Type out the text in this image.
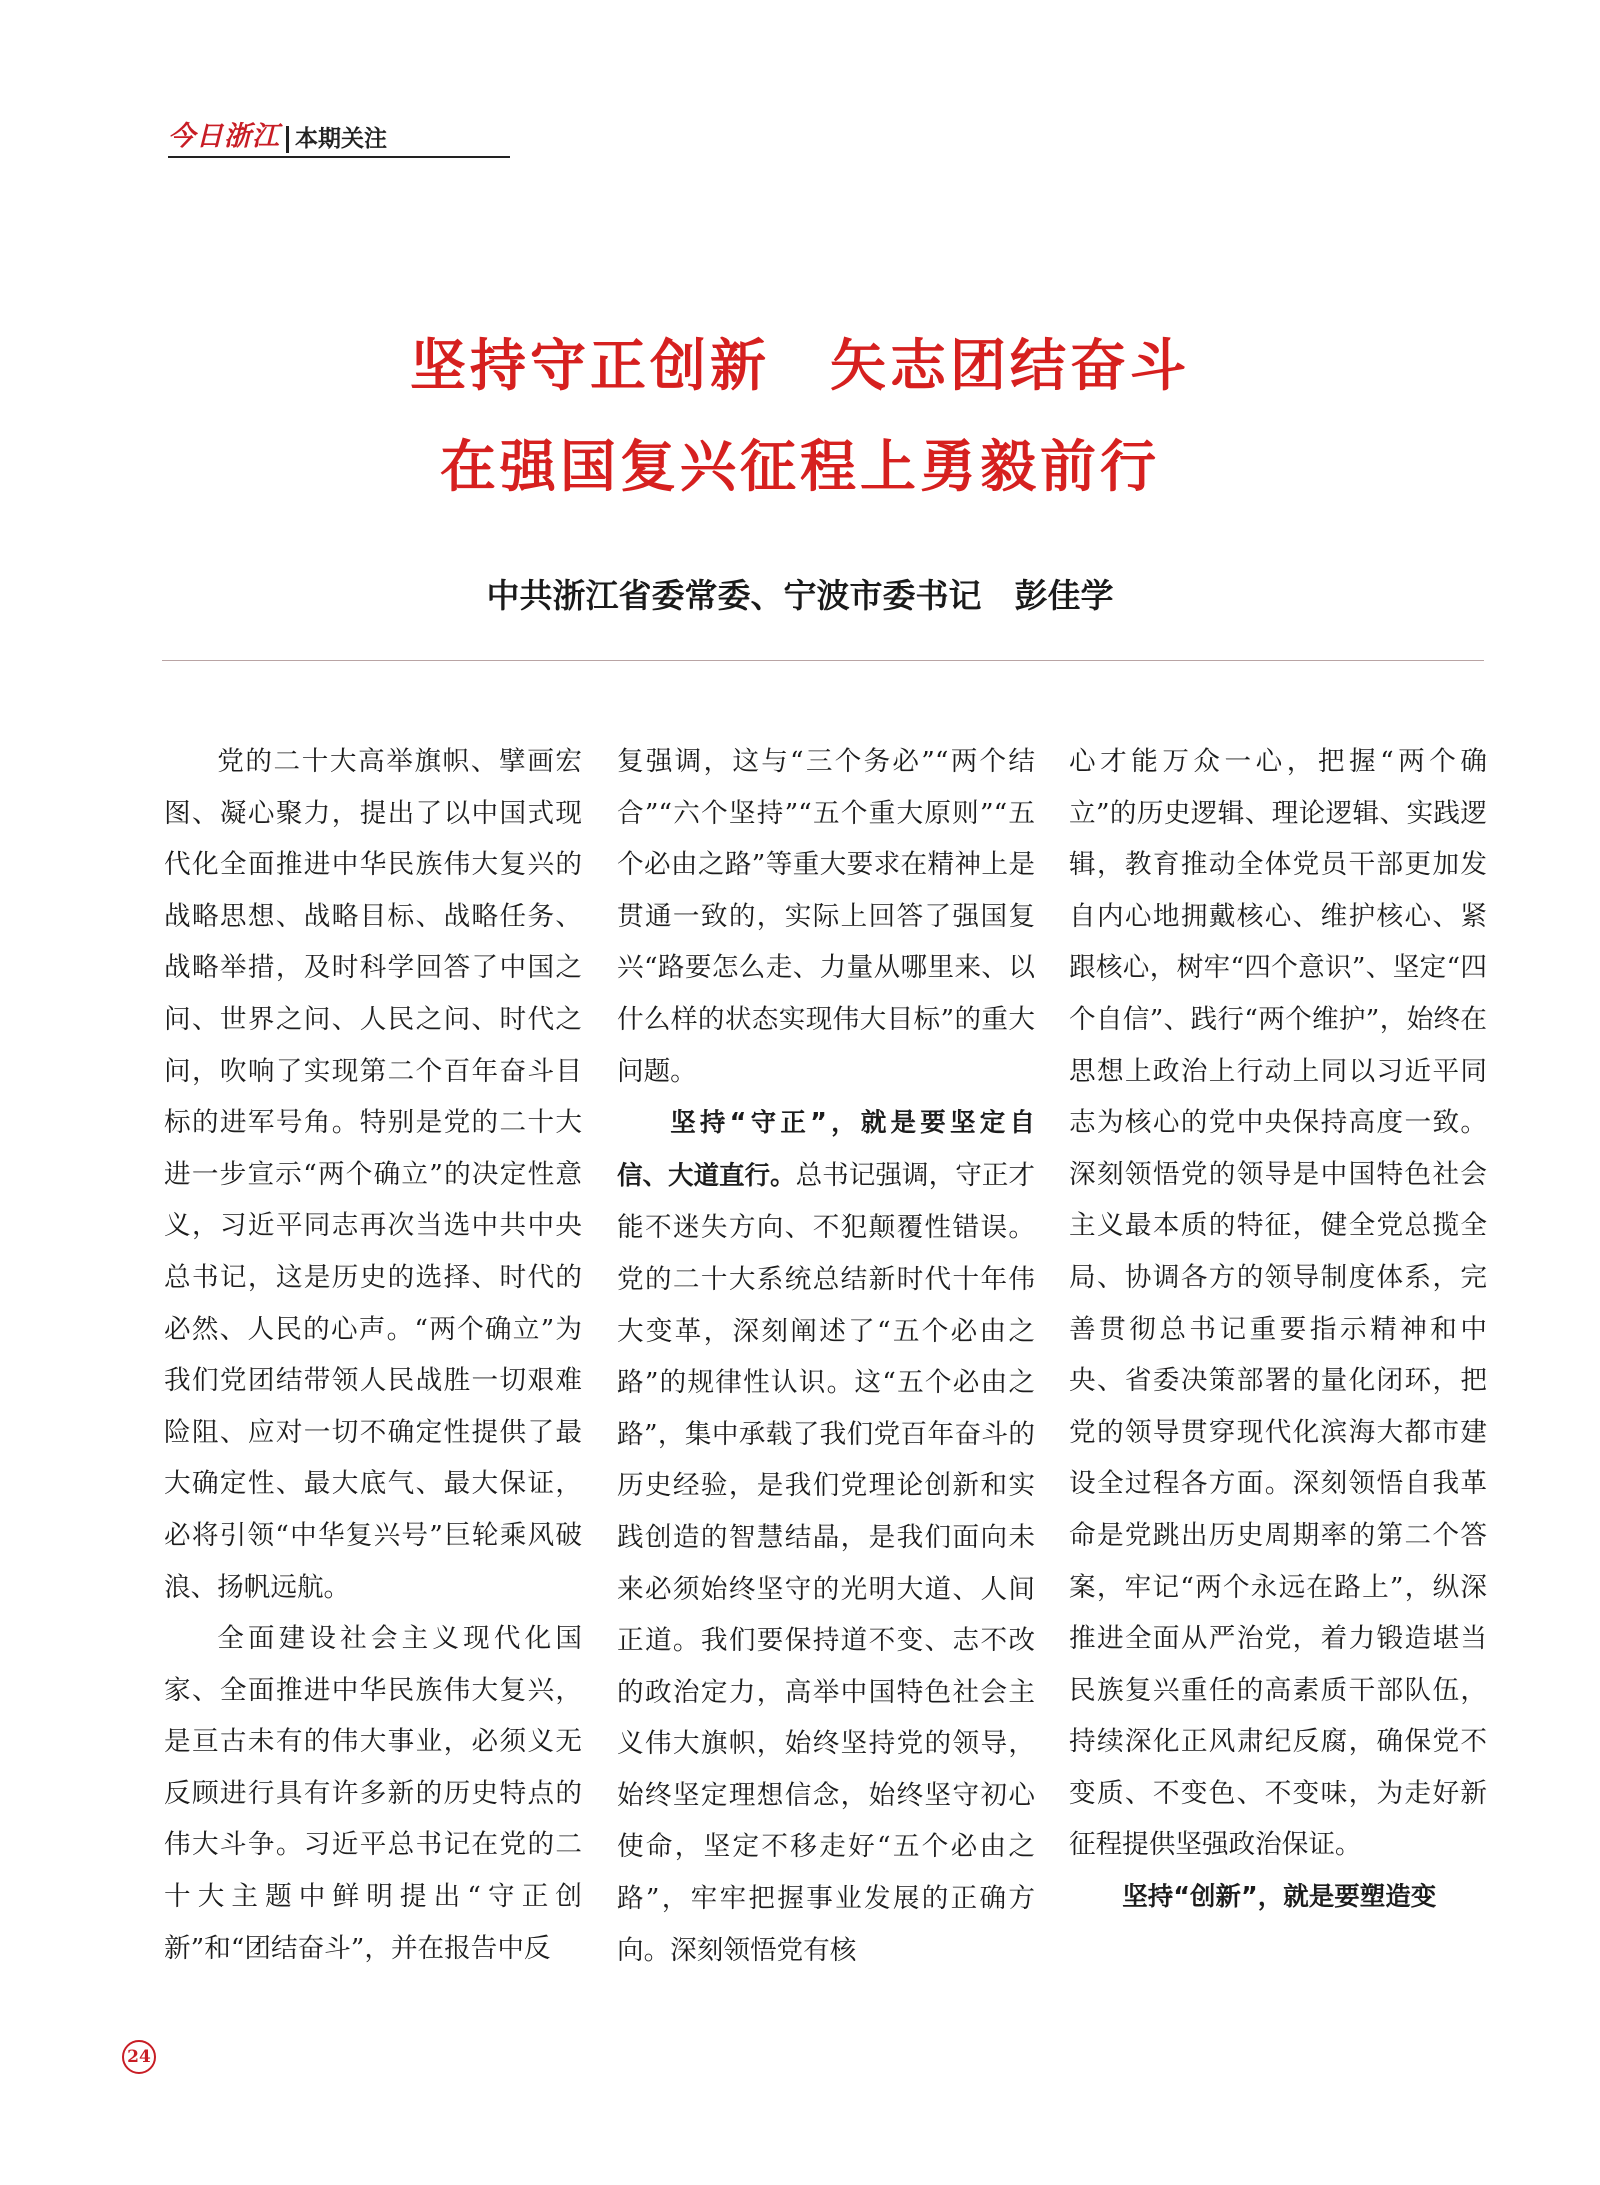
今日浙江 本期关注
坚持守正创新　矢志团结奋斗
在强国复兴征程上勇毅前行
中共浙江省委常委、宁波市委书记　彭佳学

党的二十大高举旗帜、擘画宏图、凝心聚力，提出了以中国式现代化全面推进中华民族伟大复兴的战略思想、战略目标、战略任务、战略举措，及时科学回答了中国之问、世界之问、人民之问、时代之问，吹响了实现第二个百年奋斗目标的进军号角。特别是党的二十大进一步宣示“两个确立”的决定性意义，习近平同志再次当选中共中央总书记，这是历史的选择、时代的必然、人民的心声。“两个确立”为我们党团结带领人民战胜一切艰难险阻、应对一切不确定性提供了最大确定性、最大底气、最大保证，必将引领“中华复兴号”巨轮乘风破浪、扬帆远航。

全面建设社会主义现代化国家、全面推进中华民族伟大复兴，是亘古未有的伟大事业，必须义无反顾进行具有许多新的历史特点的伟大斗争。习近平总书记在党的二十大主题中鲜明提出“守正创新”和“团结奋斗”，并在报告中反

复强调，这与“三个务必”“两个结合”“六个坚持”“五个重大原则”“五个必由之路”等重大要求在精神上是贯通一致的，实际上回答了强国复兴“路要怎么走、力量从哪里来、以什么样的状态实现伟大目标”的重大问题。

坚持“守正”，就是要坚定自信、大道直行。总书记强调，守正才能不迷失方向、不犯颠覆性错误。党的二十大系统总结新时代十年伟大变革，深刻阐述了“五个必由之路”的规律性认识。这“五个必由之路”，集中承载了我们党百年奋斗的历史经验，是我们党理论创新和实践创造的智慧结晶，是我们面向未来必须始终坚守的光明大道、人间正道。我们要保持道不变、志不改的政治定力，高举中国特色社会主义伟大旗帜，始终坚持党的领导，始终坚定理想信念，始终坚守初心使命，坚定不移走好“五个必由之路”，牢牢把握事业发展的正确方向。深刻领悟党有核

心才能万众一心，把握“两个确立”的历史逻辑、理论逻辑、实践逻辑，教育推动全体党员干部更加发自内心地拥戴核心、维护核心、紧跟核心，树牢“四个意识”、坚定“四个自信”、践行“两个维护”，始终在思想上政治上行动上同以习近平同志为核心的党中央保持高度一致。深刻领悟党的领导是中国特色社会主义最本质的特征，健全党总揽全局、协调各方的领导制度体系，完善贯彻总书记重要指示精神和中央、省委决策部署的量化闭环，把党的领导贯穿现代化滨海大都市建设全过程各方面。深刻领悟自我革命是党跳出历史周期率的第二个答案，牢记“两个永远在路上”，纵深推进全面从严治党，着力锻造堪当民族复兴重任的高素质干部队伍，持续深化正风肃纪反腐，确保党不变质、不变色、不变味，为走好新征程提供坚强政治保证。

坚持“创新”，就是要塑造变

24
